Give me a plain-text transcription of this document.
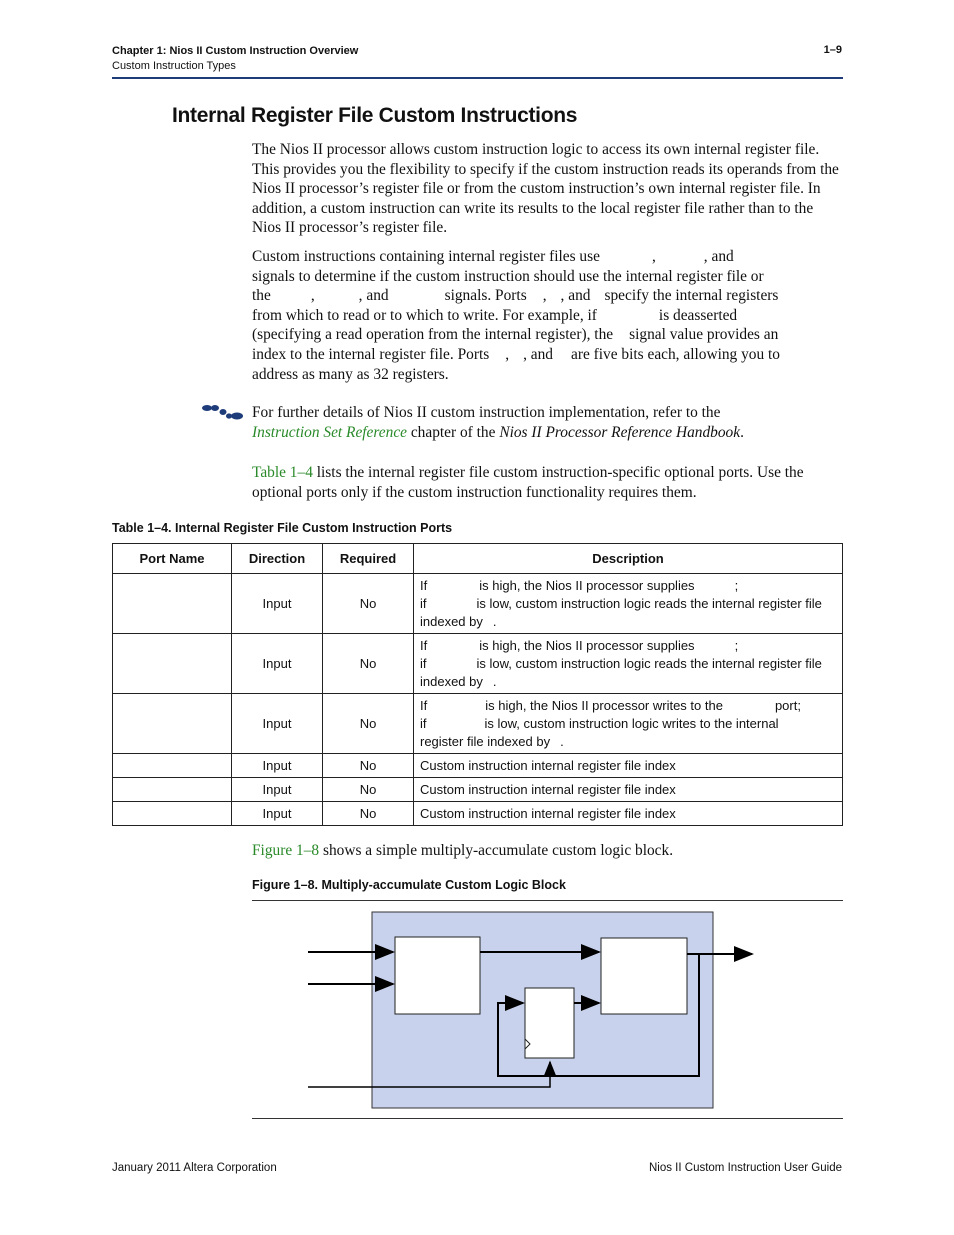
Chapter 1: Nios II Custom Instruction Overview
Custom Instruction Types
1–9
Internal Register File Custom Instructions

The Nios II processor allows custom instruction logic to access its own internal register file. This provides you the flexibility to specify if the custom instruction reads its operands from the Nios II processor’s register file or from the custom instruction’s own internal register file. In addition, a custom instruction can write its results to the local register file rather than to the Nios II processor’s register file.

Custom instructions containing internal register files use	,	, and
signals to determine if the custom instruction should use the internal register file or
the	,	, and	signals. Ports , , and specify the internal registers
from which to read or to which to write. For example, if	is deasserted
(specifying a read operation from the internal register), the signal value provides an
index to the internal register file. Ports , , and are five bits each, allowing you to
address as many as 32 registers.
For further details of Nios II custom instruction implementation, refer to the
Instruction Set Reference chapter of the Nios II Processor Reference Handbook.

Table 1–4 lists the internal register file custom instruction-specific optional ports. Use the optional ports only if the custom instruction functionality requires them.

Table 1–4. Internal Register File Custom Instruction Ports

Port Name	Direction	Required	Description
	Input	No	If is high, the Nios II processor supplies ;
if is low, custom instruction logic reads the internal register file
indexed by .

	Input	No	If is high, the Nios II processor supplies ;
if is low, custom instruction logic reads the internal register file
indexed by .

	Input	No	If is high, the Nios II processor writes to the port;
if is low, custom instruction logic writes to the internal
register file indexed by .

	Input	No	Custom instruction internal register file index
	Input	No	Custom instruction internal register file index
	Input	No	Custom instruction internal register file index

Figure 1–8 shows a simple multiply-accumulate custom logic block.

Figure 1–8. Multiply-accumulate Custom Logic Block

January 2011 Altera Corporation	Nios II Custom Instruction User Guide
